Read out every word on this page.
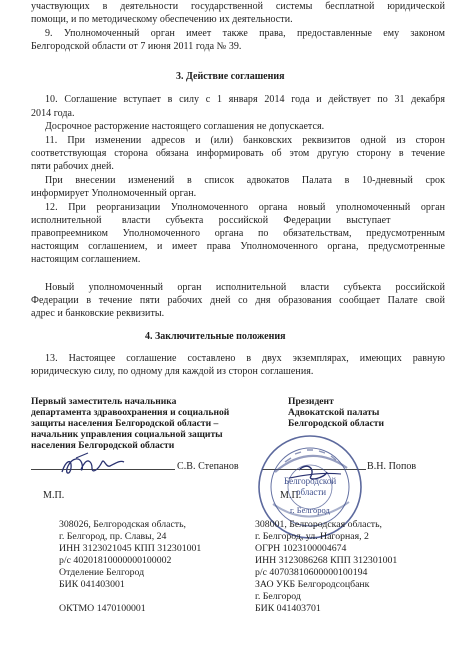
участвующих в деятельности государственной системы бесплатной юридической
помощи, и по методическому обеспечению их деятельности.
9. Уполномоченный орган имеет также права, предоставленные ему законом
Белгородской области от 7 июня 2011 года № 39.
3. Действие соглашения
10. Соглашение вступает в силу с 1 января 2014 года и действует по 31 декабря
2014 года.
Досрочное расторжение настоящего соглашения не допускается.
11. При изменении адресов и (или) банковских реквизитов одной из сторон
соответствующая сторона обязана информировать об этом другую сторону в течение
пяти рабочих дней.
При внесении изменений в список адвокатов Палата в 10-дневный срок
информирует Уполномоченный орган.
12. При реорганизации Уполномоченного органа новый уполномоченный орган
исполнительной        власти      субъекта      российской      Федерации      выступает
правопреемником Уполномоченного органа по обязательствам, предусмотренным
настоящим соглашением, и имеет права Уполномоченного органа, предусмотренные
настоящим соглашением.
Новый уполномоченный орган исполнительной власти субъекта российской
Федерации в течение пяти рабочих дней со дня образования сообщает Палате свой
адрес и банковские реквизиты.
4. Заключительные положения
13. Настоящее соглашение составлено в двух экземплярах, имеющих равную
юридическую силу, по одному для каждой из сторон соглашения.
Первый заместитель начальника
департамента здравоохранения и социальной
защиты населения Белгородской области –
начальник управления социальной защиты
населения Белгородской области
С.В. Степанов
М.П.
Президент
Адвокатской палаты
Белгородской области
В.Н. Попов
М.П.
Белгородской
области
г. Белгород
308026, Белгородская область,
г. Белгород, пр. Славы, 24
ИНН 3123021045 КПП 312301001
р/с 40201810000000100002
Отделение Белгород
БИК 041403001
ОКТМО 1470100001
308001, Белгородская область,
г. Белгород, ул. Нагорная, 2
ОГРН 1023100004674
ИНН 3123086268 КПП 312301001
р/с 40703810600000100194
ЗАО УКБ Белгородсоцбанк
г. Белгород
БИК 041403701
